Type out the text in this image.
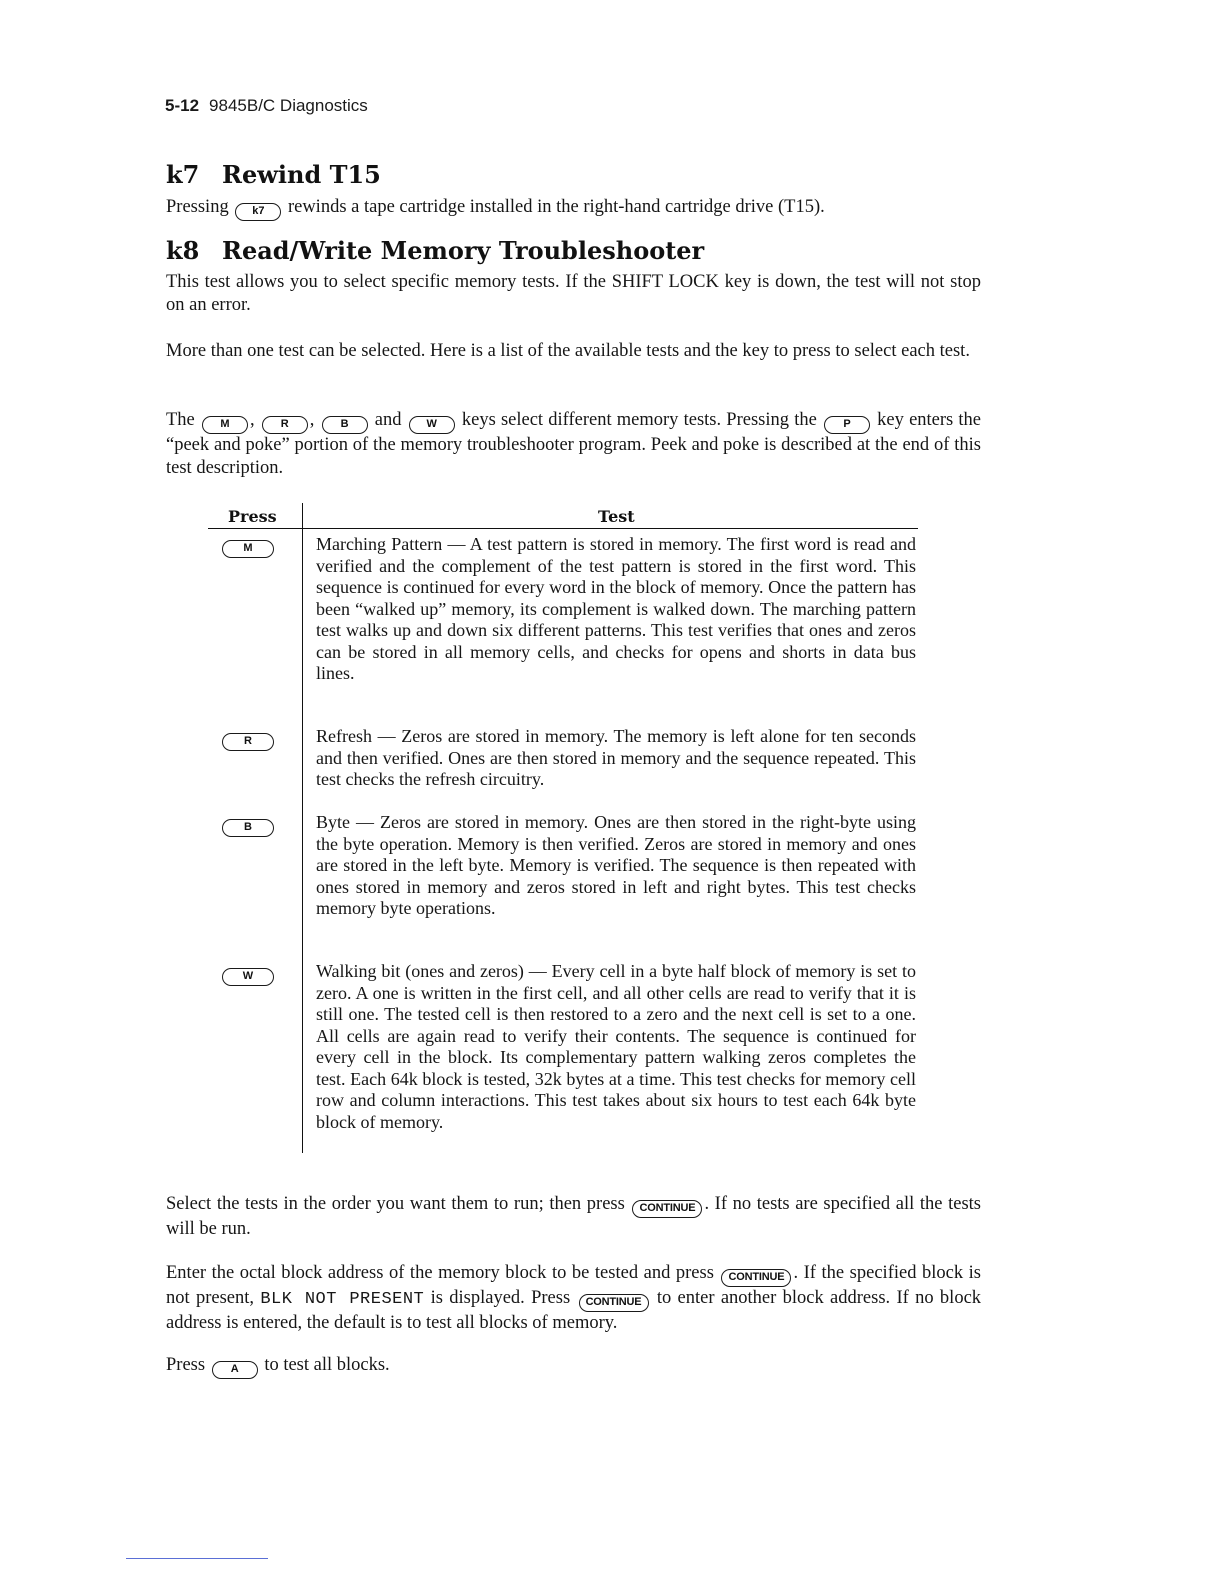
5-12 9845B/C Diagnostics
k7 Rewind T15

Pressing k7 rewinds a tape cartridge installed in the right-hand cartridge drive (T15).

k8 Read/Write Memory Troubleshooter

This test allows you to select specific memory tests. If the SHIFT LOCK key is down, the test will not stop on an error.

More than one test can be selected. Here is a list of the available tests and the key to press to select each test.

The M , R , B and W keys select different memory tests. Pressing the P key enters the “peek and poke” portion of the memory troubleshooter program. Peek and poke is described at the end of this test description.

Press	Test
M	Marching Pattern — A test pattern is stored in memory. The first word is read and verified and the complement of the test pattern is stored in the first word. This sequence is continued for every word in the block of memory. Once the pattern has been “walked up” memory, its complement is walked down. The marching pattern test walks up and down six different patterns. This test verifies that ones and zeros can be stored in all memory cells, and checks for opens and shorts in data bus lines.

R	Refresh — Zeros are stored in memory. The memory is left alone for ten seconds and then verified. Ones are then stored in memory and the sequence repeated. This test checks the refresh circuitry.

B	Byte — Zeros are stored in memory. Ones are then stored in the right-byte using the byte operation. Memory is then verified. Zeros are stored in memory and ones are stored in the left byte. Memory is verified. The sequence is then repeated with ones stored in memory and zeros stored in left and right bytes. This test checks memory byte operations.

W	Walking bit (ones and zeros) — Every cell in a byte half block of memory is set to zero. A one is written in the first cell, and all other cells are read to verify that it is still one. The tested cell is then restored to a zero and the next cell is set to a one. All cells are again read to verify their contents. The sequence is continued for every cell in the block. Its complementary pattern walking zeros completes the test. Each 64k block is tested, 32k bytes at a time. This test checks for memory cell row and column interactions. This test takes about six hours to test each 64k byte block of memory.

Select the tests in the order you want them to run; then press CONTINUE . If no tests are specified all the tests will be run.

Enter the octal block address of the memory block to be tested and press CONTINUE . If the specified block is not present, BLK NOT PRESENT is displayed. Press CONTINUE to enter another block address. If no block address is entered, the default is to test all blocks of memory.

Press A to test all blocks.
